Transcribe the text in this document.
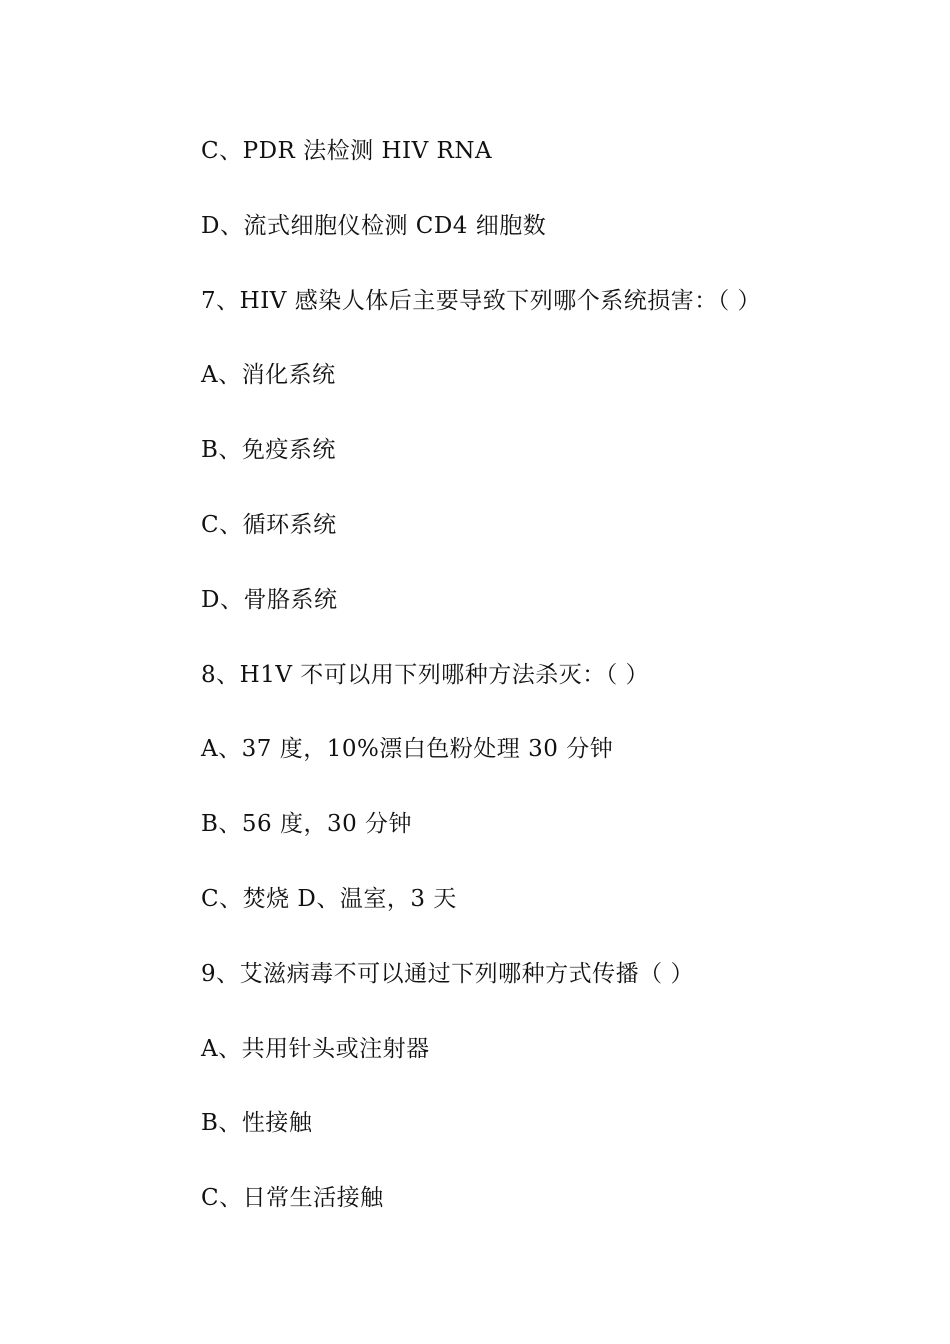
C、PDR 法检测 HIV RNA
D、流式细胞仪检测 CD4 细胞数
7、HIV 感染人体后主要导致下列哪个系统损害：（ ）
A、消化系统
B、免疫系统
C、循环系统
D、骨胳系统
8、H1V 不可以用下列哪种方法杀灭：（ ）
A、37 度，10%漂白色粉处理 30 分钟
B、56 度，30 分钟
C、焚烧 D、温室，3 天
9、艾滋病毒不可以通过下列哪种方式传播（ ）
A、共用针头或注射器
B、性接触
C、日常生活接触
